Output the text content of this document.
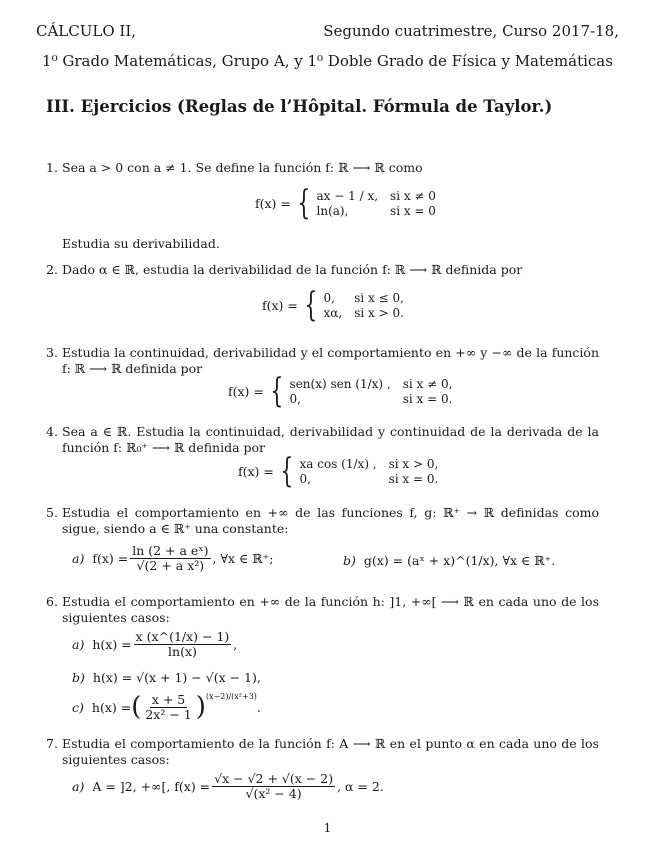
CÁLCULO II,	Segundo cuatrimestre, Curso 2017-18,
1⁰ Grado Matemáticas, Grupo A, y 1⁰ Doble Grado de Física y Matemáticas
III. Ejercicios (Reglas de l’Hôpital. Fórmula de Taylor.)
1. Sea a > 0 con a ≠ 1. Se define la función f: ℝ ⟶ ℝ como
f(x) = { ax − 1 / x, si x ≠ 0
ln(a),	si x = 0
Estudia su derivabilidad.
2. Dado α ∈ ℝ, estudia la derivabilidad de la función f: ℝ ⟶ ℝ definida por
f(x) = { 0,	si x ≤ 0,
xα, si x > 0.
3. Estudia la continuidad, derivabilidad y el comportamiento en +∞ y −∞ de la función f: ℝ ⟶ ℝ definida por
f(x) = { sen(x) sen (1/x) , si x ≠ 0,
0,	si x = 0.
4. Sea a ∈ ℝ. Estudia la continuidad, derivabilidad y continuidad de la derivada de la función f: ℝ₀⁺ ⟶ ℝ definida por
f(x) = { xa cos (1/x) , si x > 0,
0,	si x = 0.
5. Estudia el comportamiento en +∞ de las funciones f, g: ℝ⁺ → ℝ definidas como sigue, siendo a ∈ ℝ⁺ una constante:
a) $f(x) = \frac{\text{ln (2 + a eˣ)}}{\text{√(2 + a x²)}}$ , ∀x ∈ ℝ⁺;	b) g(x) = (aˣ + x)^(1/x), ∀x ∈ ℝ⁺.
6. Estudia el comportamiento en +∞ de la función h: ]1, +∞[ ⟶ ℝ en cada uno de los siguientes casos:
a) $h(x) = \frac{x (x\^{}(1/x) - 1)}{\ln(x)}$ ,
b) h(x) = √(x + 1) − √(x − 1),
c) h(x) = ( $\frac{x + 5}{\text{2x² − 1}}$ ) (x−2)/(x²+3)
.
7. Estudia el comportamiento de la función f: A ⟶ ℝ en el punto α en cada uno de los siguientes casos:
a) A = ]2, +∞[, $f(x) = \frac{√x - √2 + √(x - 2)}{\text{√(x² − 4)}}$ , α = 2.
1
